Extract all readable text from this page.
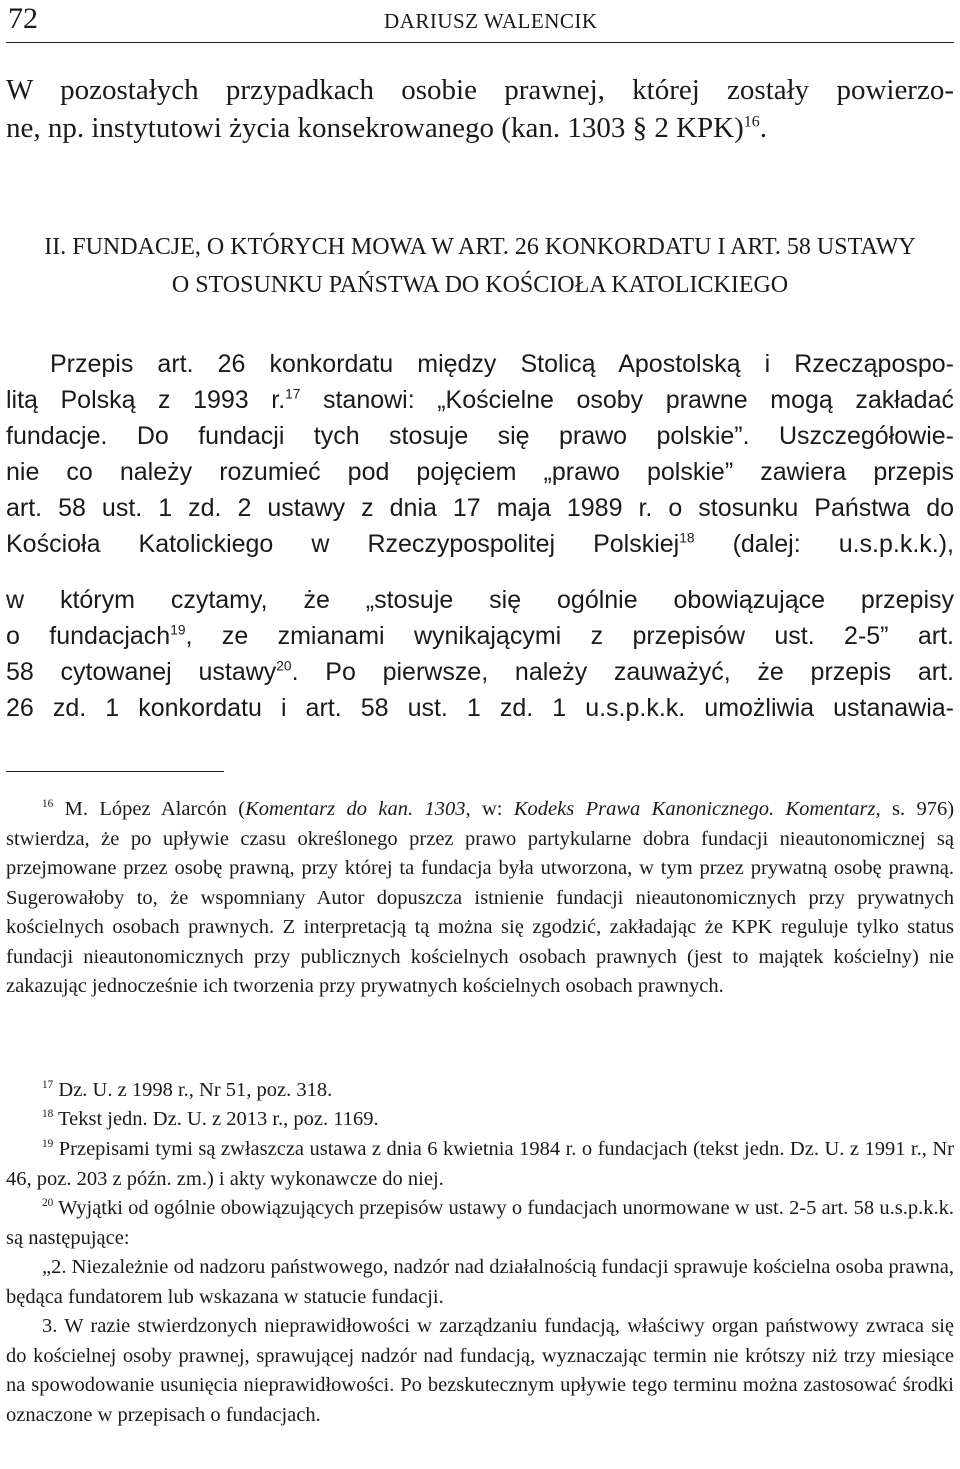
72	DARIUSZ WALENCIK

W pozostałych przypadkach osobie prawnej, której zostały powierzo-

ne, np. instytutowi życia konsekrowanego (kan. 1303 § 2 KPK)$^{16}$.

II. FUNDACJE, O KTÓRYCH MOWA W ART. 26 KONKORDATU I ART. 58 USTAWY

O STOSUNKU PAŃSTWA DO KOŚCIOŁA KATOLICKIEGO

Przepis art. 26 konkordatu między Stolicą Apostolską i Rzecząpospo-

litą Polską z 1993 r.$^{17}$ stanowi: „Kościelne osoby prawne mogą zakładać

fundacje. Do fundacji tych stosuje się prawo polskie”. Uszczegółowie-

nie co należy rozumieć pod pojęciem „prawo polskie” zawiera przepis

art. 58 ust. 1 zd. 2 ustawy z dnia 17 maja 1989 r. o stosunku Państwa do

Kościoła Katolickiego w Rzeczypospolitej Polskiej$^{18}$ (dalej: u.s.p.k.k.),

w którym czytamy, że „stosuje się ogólnie obowiązujące przepisy

o fundacjach$^{19}$, ze zmianami wynikającymi z przepisów ust. 2-5” art.

58 cytowanej ustawy$^{20}$. Po pierwsze, należy zauważyć, że przepis art.

26 zd. 1 konkordatu i art. 58 ust. 1 zd. 1 u.s.p.k.k. umożliwia ustanawia-

$^{16}$ M. López Alarcón (Komentarz do kan. 1303, w: Kodeks Prawa Kanonicznego. Komentarz, s. 976) stwierdza, że po upływie czasu określonego przez prawo partykularne dobra fundacji nieautonomicznej są przejmowane przez osobę prawną, przy której ta fundacja była utworzona, w tym przez prywatną osobę prawną. Sugerowałoby to, że wspomniany Autor dopuszcza istnienie fundacji nieautonomicznych przy prywatnych kościelnych osobach prawnych. Z interpretacją tą można się zgodzić, zakładając że KPK reguluje tylko status fundacji nieautonomicznych przy publicznych kościelnych osobach prawnych (jest to majątek kościelny) nie zakazując jednocześnie ich tworzenia przy prywatnych kościelnych osobach prawnych.

$^{17}$ Dz. U. z 1998 r., Nr 51, poz. 318.

$^{18}$ Tekst jedn. Dz. U. z 2013 r., poz. 1169.

$^{19}$ Przepisami tymi są zwłaszcza ustawa z dnia 6 kwietnia 1984 r. o fundacjach (tekst jedn. Dz. U. z 1991 r., Nr 46, poz. 203 z późn. zm.) i akty wykonawcze do niej.

$^{20}$ Wyjątki od ogólnie obowiązujących przepisów ustawy o fundacjach unormowane w ust. 2-5 art. 58 u.s.p.k.k. są następujące:

„2. Niezależnie od nadzoru państwowego, nadzór nad działalnością fundacji sprawuje kościelna osoba prawna, będąca fundatorem lub wskazana w statucie fundacji.

3. W razie stwierdzonych nieprawidłowości w zarządzaniu fundacją, właściwy organ państwowy zwraca się do kościelnej osoby prawnej, sprawującej nadzór nad fundacją, wyznaczając termin nie krótszy niż trzy miesiące na spowodowanie usunięcia nieprawidłowości. Po bezskutecznym upływie tego terminu można zastosować środki oznaczone w przepisach o fundacjach.
